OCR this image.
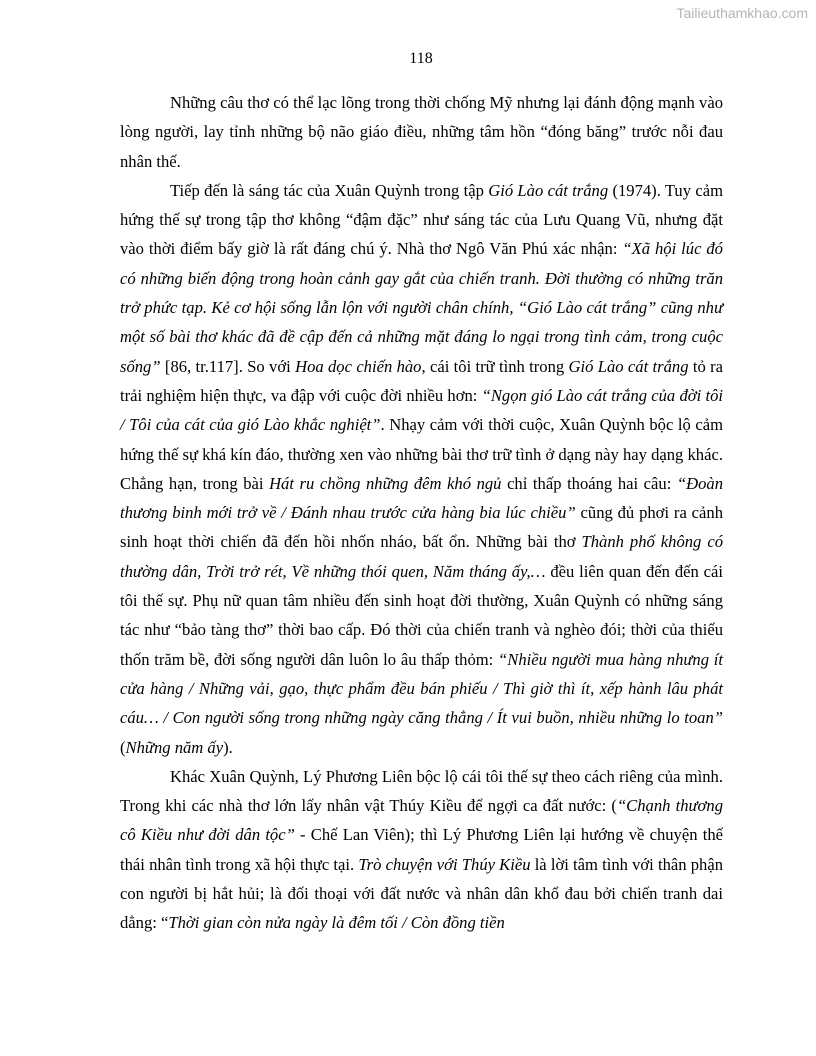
Tailieuthamkhao.com
118

Những câu thơ có thể lạc lõng trong thời chống Mỹ nhưng lại đánh động mạnh vào lòng người, lay tỉnh những bộ não giáo điều, những tâm hồn “đóng băng” trước nỗi đau nhân thế.

Tiếp đến là sáng tác của Xuân Quỳnh trong tập Gió Lào cát trắng (1974). Tuy cảm hứng thế sự trong tập thơ không “đậm đặc” như sáng tác của Lưu Quang Vũ, nhưng đặt vào thời điểm bấy giờ là rất đáng chú ý. Nhà thơ Ngô Văn Phú xác nhận: “Xã hội lúc đó có những biến động trong hoàn cảnh gay gắt của chiến tranh. Đời thường có những trăn trở phức tạp. Kẻ cơ hội sống lẫn lộn với người chân chính, “Gió Lào cát trắng” cũng như một số bài thơ khác đã đề cập đến cả những mặt đáng lo ngại trong tình cảm, trong cuộc sống” [86, tr.117]. So với Hoa dọc chiến hào, cái tôi trữ tình trong Gió Lào cát trắng tỏ ra trải nghiệm hiện thực, va đập với cuộc đời nhiều hơn: “Ngọn gió Lào cát trắng của đời tôi / Tôi của cát của gió Lào khắc nghiệt”. Nhạy cảm với thời cuộc, Xuân Quỳnh bộc lộ cảm hứng thế sự khá kín đáo, thường xen vào những bài thơ trữ tình ở dạng này hay dạng khác. Chẳng hạn, trong bài Hát ru chồng những đêm khó ngủ chỉ thấp thoáng hai câu: “Đoàn thương binh mới trở về / Đánh nhau trước cửa hàng bia lúc chiều” cũng đủ phơi ra cảnh sinh hoạt thời chiến đã đến hồi nhốn nháo, bất ổn. Những bài thơ Thành phố không có thường dân, Trời trở rét, Về những thói quen, Năm tháng ấy,… đều liên quan đến đến cái tôi thế sự. Phụ nữ quan tâm nhiều đến sinh hoạt đời thường, Xuân Quỳnh có những sáng tác như “bảo tàng thơ” thời bao cấp. Đó thời của chiến tranh và nghèo đói; thời của thiếu thốn trăm bề, đời sống người dân luôn lo âu thấp thỏm: “Nhiều người mua hàng nhưng ít cửa hàng / Những vải, gạo, thực phẩm đều bán phiếu / Thì giờ thì ít, xếp hành lâu phát cáu… / Con người sống trong những ngày căng thẳng / Ít vui buồn, nhiều những lo toan” (Những năm ấy).

Khác Xuân Quỳnh, Lý Phương Liên bộc lộ cái tôi thế sự theo cách riêng của mình. Trong khi các nhà thơ lớn lấy nhân vật Thúy Kiều để ngợi ca đất nước: (“Chạnh thương cô Kiều như đời dân tộc” - Chế Lan Viên); thì Lý Phương Liên lại hướng về chuyện thế thái nhân tình trong xã hội thực tại. Trò chuyện với Thúy Kiều là lời tâm tình với thân phận con người bị hắt hủi; là đối thoại với đất nước và nhân dân khổ đau bởi chiến tranh dai dẳng: “Thời gian còn nửa ngày là đêm tối / Còn đồng tiền
